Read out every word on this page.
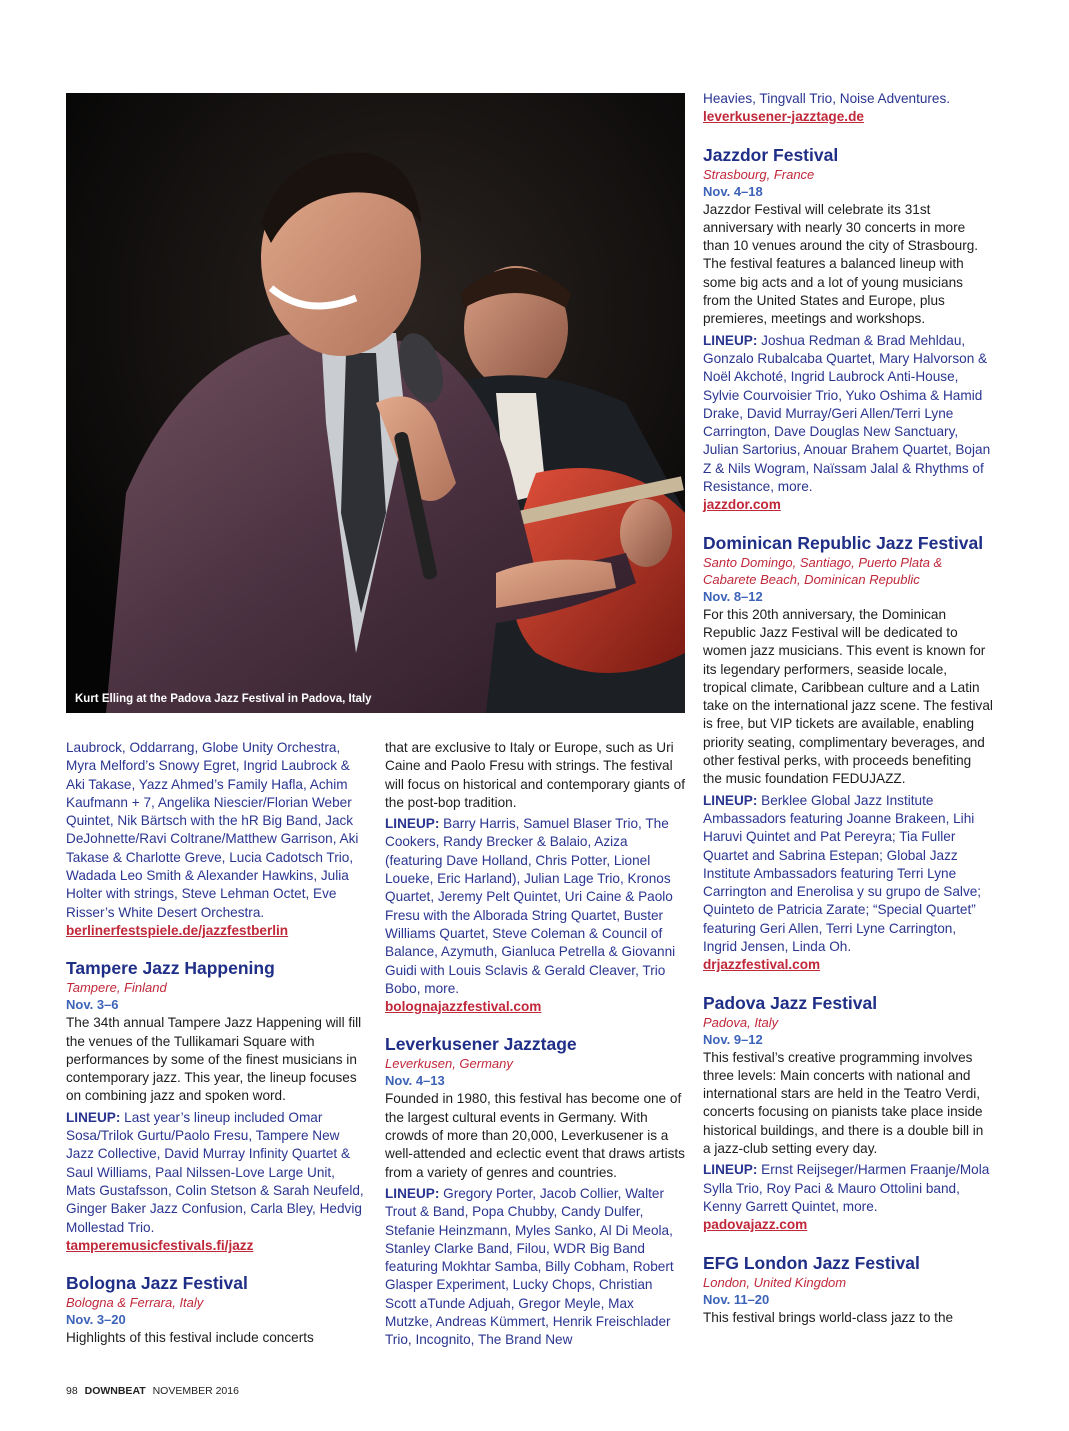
MICHELE GIOTTO
Kurt Elling at the Padova Jazz Festival in Padova, Italy

Laubrock, Oddarrang, Globe Unity Orchestra, Myra Melford’s Snowy Egret, Ingrid Laubrock & Aki Takase, Yazz Ahmed’s Family Hafla, Achim Kaufmann + 7, Angelika Niescier/Florian Weber Quintet, Nik Bärtsch with the hR Big Band, Jack DeJohnette/Ravi Coltrane/Matthew Garrison, Aki Takase & Charlotte Greve, Lucia Cadotsch Trio, Wadada Leo Smith & Alexander Hawkins, Julia Holter with strings, Steve Lehman Octet, Eve Risser’s White Desert Orchestra.

berlinerfestspiele.de/jazzfestberlin
Tampere Jazz Happening
Tampere, Finland
Nov. 3–6

The 34th annual Tampere Jazz Happening will fill the venues of the Tullikamari Square with performances by some of the finest musicians in contemporary jazz. This year, the lineup focuses on combining jazz and spoken word.

LINEUP: Last year’s lineup included Omar Sosa/Trilok Gurtu/Paolo Fresu, Tampere New Jazz Collective, David Murray Infinity Quartet & Saul Williams, Paal Nilssen-Love Large Unit, Mats Gustafsson, Colin Stetson & Sarah Neufeld, Ginger Baker Jazz Confusion, Carla Bley, Hedvig Mollestad Trio.

tamperemusicfestivals.fi/jazz
Bologna Jazz Festival
Bologna & Ferrara, Italy
Nov. 3–20

Highlights of this festival include concerts

that are exclusive to Italy or Europe, such as Uri Caine and Paolo Fresu with strings. The festival will focus on historical and contemporary giants of the post-bop tradition.

LINEUP: Barry Harris, Samuel Blaser Trio, The Cookers, Randy Brecker & Balaio, Aziza (featuring Dave Holland, Chris Potter, Lionel Loueke, Eric Harland), Julian Lage Trio, Kronos Quartet, Jeremy Pelt Quintet, Uri Caine & Paolo Fresu with the Alborada String Quartet, Buster Williams Quartet, Steve Coleman & Council of Balance, Azymuth, Gianluca Petrella & Giovanni Guidi with Louis Sclavis & Gerald Cleaver, Trio Bobo, more.

bolognajazzfestival.com
Leverkusener Jazztage
Leverkusen, Germany
Nov. 4–13

Founded in 1980, this festival has become one of the largest cultural events in Germany. With crowds of more than 20,000, Leverkusener is a well-attended and eclectic event that draws artists from a variety of genres and countries.

LINEUP: Gregory Porter, Jacob Collier, Walter Trout & Band, Popa Chubby, Candy Dulfer, Stefanie Heinzmann, Myles Sanko, Al Di Meola, Stanley Clarke Band, Filou, WDR Big Band featuring Mokhtar Samba, Billy Cobham, Robert Glasper Experiment, Lucky Chops, Christian Scott aTunde Adjuah, Gregor Meyle, Max Mutzke, Andreas Kümmert, Henrik Freischlader Trio, Incognito, The Brand New

Heavies, Tingvall Trio, Noise Adventures.

leverkusener-jazztage.de
Jazzdor Festival
Strasbourg, France
Nov. 4–18

Jazzdor Festival will celebrate its 31st anniversary with nearly 30 concerts in more than 10 venues around the city of Strasbourg. The festival features a balanced lineup with some big acts and a lot of young musicians from the United States and Europe, plus premieres, meetings and workshops.

LINEUP: Joshua Redman & Brad Mehldau, Gonzalo Rubalcaba Quartet, Mary Halvorson & Noël Akchoté, Ingrid Laubrock Anti-House, Sylvie Courvoisier Trio, Yuko Oshima & Hamid Drake, David Murray/Geri Allen/Terri Lyne Carrington, Dave Douglas New Sanctuary, Julian Sartorius, Anouar Brahem Quartet, Bojan Z & Nils Wogram, Naïssam Jalal & Rhythms of Resistance, more.

jazzdor.com
Dominican Republic Jazz Festival
Santo Domingo, Santiago, Puerto Plata & Cabarete Beach, Dominican Republic
Nov. 8–12

For this 20th anniversary, the Dominican Republic Jazz Festival will be dedicated to women jazz musicians. This event is known for its legendary performers, seaside locale, tropical climate, Caribbean culture and a Latin take on the international jazz scene. The festival is free, but VIP tickets are available, enabling priority seating, complimentary beverages, and other festival perks, with proceeds benefiting the music foundation FEDUJAZZ.

LINEUP: Berklee Global Jazz Institute Ambassadors featuring Joanne Brakeen, Lihi Haruvi Quintet and Pat Pereyra; Tia Fuller Quartet and Sabrina Estepan; Global Jazz Institute Ambassadors featuring Terri Lyne Carrington and Enerolisa y su grupo de Salve; Quinteto de Patricia Zarate; “Special Quartet” featuring Geri Allen, Terri Lyne Carrington, Ingrid Jensen, Linda Oh.

drjazzfestival.com
Padova Jazz Festival
Padova, Italy
Nov. 9–12

This festival’s creative programming involves three levels: Main concerts with national and international stars are held in the Teatro Verdi, concerts focusing on pianists take place inside historical buildings, and there is a double bill in a jazz-club setting every day.

LINEUP: Ernst Reijseger/Harmen Fraanje/Mola Sylla Trio, Roy Paci & Mauro Ottolini band, Kenny Garrett Quintet, more.

padovajazz.com
EFG London Jazz Festival
London, United Kingdom
Nov. 11–20

This festival brings world-class jazz to the

98 DOWNBEAT NOVEMBER 2016
